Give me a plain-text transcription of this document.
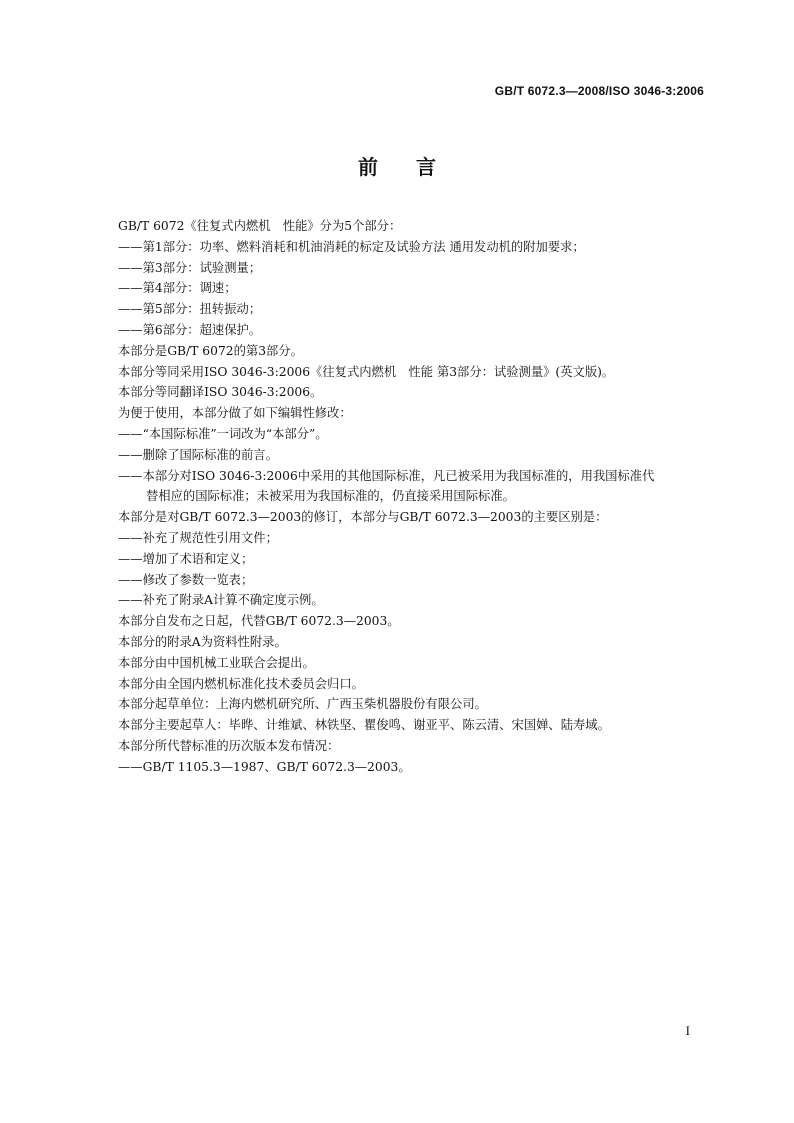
GB/T 6072.3—2008/ISO 3046-3:2006
前言
GB/T 6072《往复式内燃机　性能》分为5个部分：
——第1部分：功率、燃料消耗和机油消耗的标定及试验方法 通用发动机的附加要求；
——第3部分：试验测量；
——第4部分：调速；
——第5部分：扭转振动；
——第6部分：超速保护。
本部分是GB/T 6072的第3部分。
本部分等同采用ISO 3046-3:2006《往复式内燃机　性能 第3部分：试验测量》(英文版)。
本部分等同翻译ISO 3046-3:2006。
为便于使用，本部分做了如下编辑性修改：
——“本国际标准”一词改为“本部分”。
——删除了国际标准的前言。
——本部分对ISO 3046-3:2006中采用的其他国际标准，凡已被采用为我国标准的，用我国标准代
替相应的国际标准；未被采用为我国标准的，仍直接采用国际标准。
本部分是对GB/T 6072.3—2003的修订，本部分与GB/T 6072.3—2003的主要区别是：
——补充了规范性引用文件；
——增加了术语和定义；
——修改了参数一览表；
——补充了附录A计算不确定度示例。
本部分自发布之日起，代替GB/T 6072.3—2003。
本部分的附录A为资料性附录。
本部分由中国机械工业联合会提出。
本部分由全国内燃机标准化技术委员会归口。
本部分起草单位：上海内燃机研究所、广西玉柴机器股份有限公司。
本部分主要起草人：毕晔、计维斌、林铁坚、瞿俊鸣、谢亚平、陈云清、宋国婵、陆寿域。
本部分所代替标准的历次版本发布情况：
——GB/T 1105.3—1987、GB/T 6072.3—2003。
I
